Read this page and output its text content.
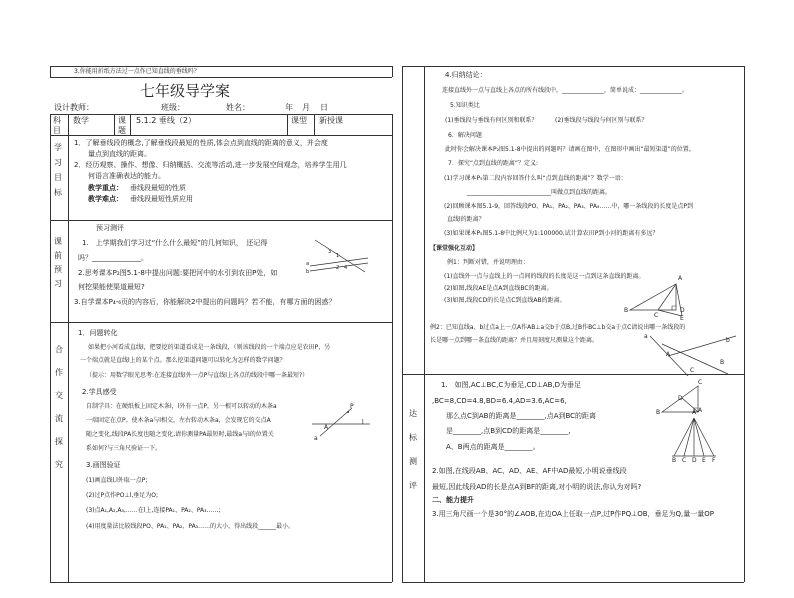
3.你能用折纸方法过一点作已知直线的垂线吗？
七年级导学案
设计教师：	班级：	姓名：	年 月 日
科目
数学	课题
5.1.2 垂线（2）	课型 新授课
学习目标
1．了解垂线段的概念,了解垂线段最短的性质,体会点到直线的距离的意义，并会度
量点到直线的距离。
2．经历观察、操作、想像、归纳概括、交流等活动,进一步发展空间观念，培养学生用几
何语言准确表达的能力。
教学重点： 垂线段最短的性质
教学难点： 垂线段最短性质应用
课前预习
预习测评
1.　上学期我们学习过“什么什么最短”的几何知识，　还记得
吗？______________。
2.思考课本P₂图5.1-8中提出问题:要把河中的水引到农田P处，如
何挖渠能使渠道最短?
3.自学课本P₄-₆页的内容后，你能解决2中提出的问题吗？若不能，有哪方面的困惑？
3
1
2 4
a
b
合作交流探究
1．问题转化
如果把小河看成直线l，把要挖的渠道看成是一条线段，（则该线段的一个端点应是农田P，另
一个端点就是直线l上的某个点。那么挖渠道问题可以转化为怎样的数学问题？
（提示：用数学眼光思考:在连接直线l外一点P与直线l上各点的线段中哪一条最短?）
2.学具感受
自制学具：在硬纸板上固定木条l，l外有一点P，另一根可以转动的木条a
一端固定在点P。使木条a与l相交，左右转动木条a，会发现它的交点A
随之变化,线段PA长度也随之变化,请你测量PA最短时,最线a与l的位置关
系如何?与三角尺验证一下。
3.画图验证
(1)画直线l,l外取一点P;
(2)过P点作PO⊥l,垂足为O;
(3)点A₁,A₂,A₃,……在l上,连接PA₁、PA₂、PA₃……;
(4)用度量法比较线段PO、PA₁、PA₂、PA₃……的大小，得出线段______最小。
P
l
A
a
4.归纳结论：
连接直线外一点与直线上各点的所有线段中，______________，简单说成：______________。
5.知识类比
(1)垂线段与垂线有何区别和联系？	(2)垂线段与线段与何区别与联系？
6．解决问题
此时你会解决课本P₂图5.1-8中提出的问题吗？请画在图中，在图形中画出“最短渠道”的位置。
7．探究“点到直线的距离”？定义:
(1)学习课本P₅第二段内容回答什么叫“点到直线的距离”？数学一语：
____________________________叫做点到直线的距离。
(2)回顾课本图5.1-9，回答线段PO、PA₁、PA₂、PA₃、PA₄……中，哪一条线段的长度是点P到
直线l的距离？
(3)如果课本P₅图5.1-8中比例尺为1:100000,试计算农田P到小河的距离有多远？
【课堂强化互动】
例1：判断对错，并说明理由：
(1)直线外一点与直线上的一点间的线段的长度是这一点到这条直线的距离。
(2)如图,线段AE是点A到直线BC的距离。
(3)如图,线段CD的长是点C到直线AB的距离。
A
B	D
C	E
例2：已知直线a、b过点a上一点A作AB⊥a交b于点B,过B作BC⊥b交a于点C请说出哪一条线段的
长是哪一点到哪一条直线的距离？并且用刻度尺测量这个距离。
a
b
A
B
C
达标测评
1.　如图,AC⊥BC,C为垂足,CD⊥AB,D为垂足
,BC=8,CD=4.8,BD=6.4,AD=3.6,AC=6,
那么点C到AB的距离是________,点A到BC的距离
是________,点B到CD的距离是________,
A、B两点的距离是________。
C
A
B
D
A
B C D E F
2.如图,在线段AB、AC、AD、AE、AF中AD最短,小明说垂线段
最短,因此线段AD的长是点A到BF的距离,对小明的说法,你认为对吗?
二、能力提升
3.用三角尺画一个是30°的∠AOB,在边OA上任取一点P,过P作PQ⊥OB，垂足为Q,量一量OP
